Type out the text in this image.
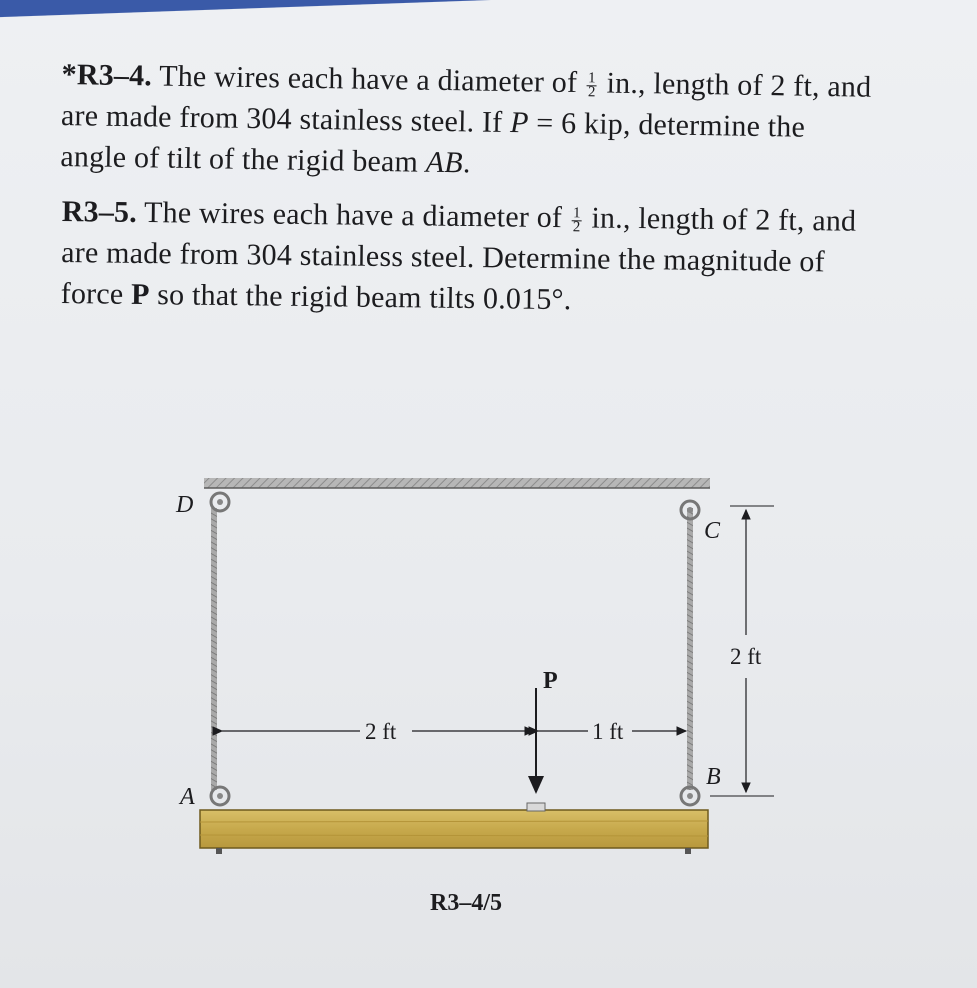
*R3–4. The wires each have a diameter of $\frac{1}{2}$ in., length of 2 ft, and are made from 304 stainless steel. If P = 6 kip, determine the angle of tilt of the rigid beam AB.
R3–5. The wires each have a diameter of $\frac{1}{2}$ in., length of 2 ft, and are made from 304 stainless steel. Determine the magnitude of force P so that the rigid beam tilts 0.015°.
D
C
A
B
P
2 ft	1 ft
2 ft
R3–4/5
